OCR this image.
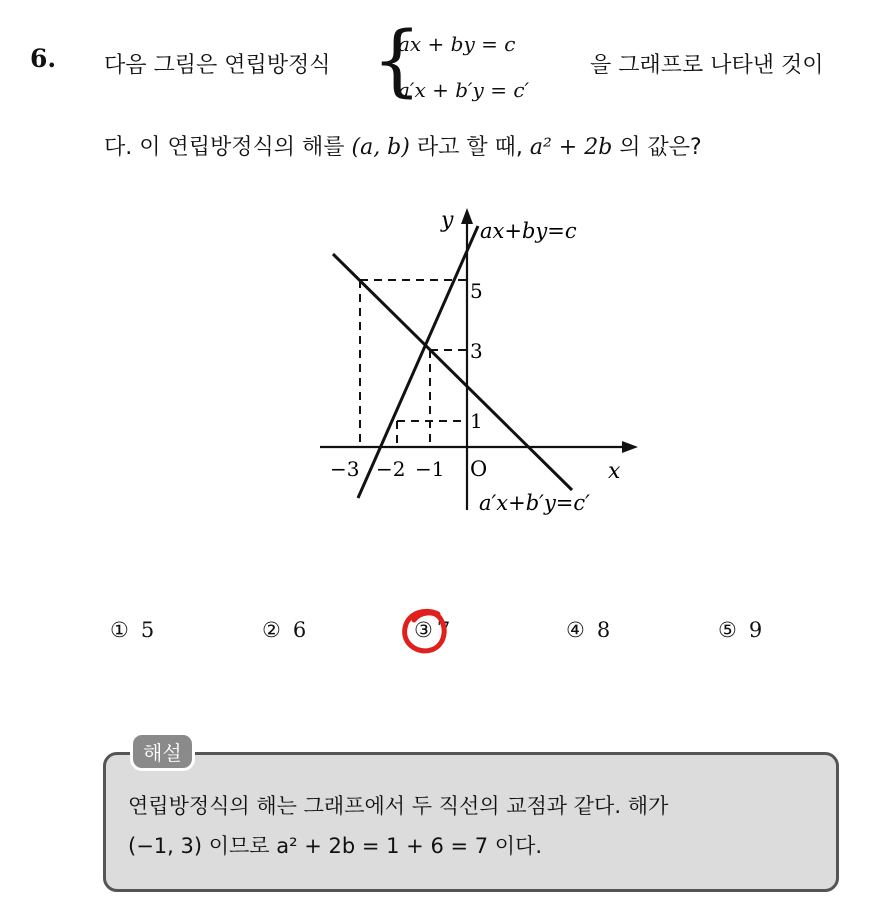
6. 다음 그림은 연립방정식 {
ax + by = c
a′x + b′y = c′
을 그래프로 나타낸 것이
다. 이 연립방정식의 해를 (a, b) 라고 할 때, a² + 2b 의 값은?
y
x
O
ax+by=c
a′x+b′y=c′
5
3
1
−3 −2 −1
① 5	② 6	③ 7	④ 8	⑤ 9
해설
연립방정식의 해는 그래프에서 두 직선의 교점과 같다. 해가
(−1, 3) 이므로 a² + 2b = 1 + 6 = 7 이다.
